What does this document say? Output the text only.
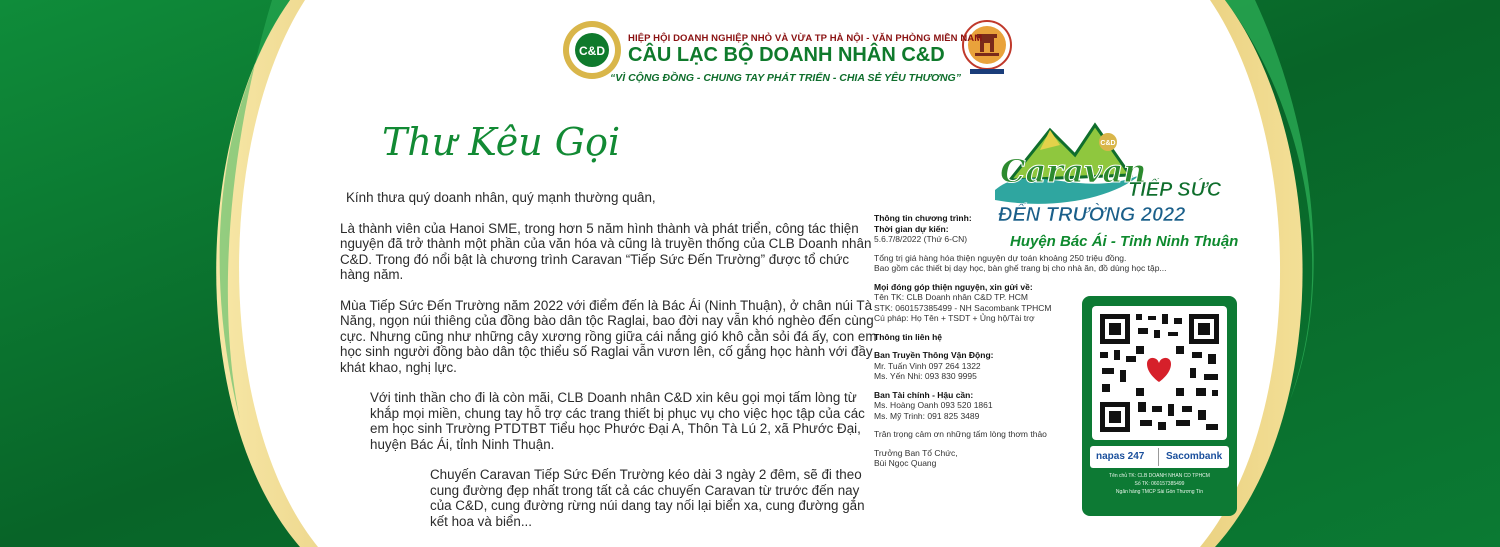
C&D
HIỆP HỘI DOANH NGHIỆP NHỎ VÀ VỪA TP HÀ NỘI - VĂN PHÒNG MIỀN NAM
CÂU LẠC BỘ DOANH NHÂN C&D
“VÌ CỘNG ĐỒNG - CHUNG TAY PHÁT TRIỂN - CHIA SẺ YÊU THƯƠNG”
Thư Kêu Gọi

Kính thưa quý doanh nhân, quý mạnh thường quân,

Là thành viên của Hanoi SME, trong hơn 5 năm hình thành và phát triển, công tác thiện nguyện đã trở thành một phần của văn hóa và cũng là truyền thống của CLB Doanh nhân C&D. Trong đó nổi bật là chương trình Caravan “Tiếp Sức Đến Trường” được tổ chức hàng năm.

Mùa Tiếp Sức Đến Trường năm 2022 với điểm đến là Bác Ái (Ninh Thuận), ở chân núi Tà Năng, ngọn núi thiêng của đồng bào dân tộc Raglai, bao đời nay vẫn khó nghèo đến cùng cực. Nhưng cũng như những cây xương rồng giữa cái nắng gió khô cằn sỏi đá ấy, con em học sinh người đồng bào dân tộc thiểu số Raglai vẫn vươn lên, cố gắng học hành với đầy khát khao, nghị lực.

Với tinh thần cho đi là còn mãi, CLB Doanh nhân C&D xin kêu gọi mọi tấm lòng từ khắp mọi miền, chung tay hỗ trợ các trang thiết bị phục vụ cho việc học tập của các em học sinh Trường PTDTBT Tiểu học Phước Đại A, Thôn Tà Lú 2, xã Phước Đại, huyện Bác Ái, tỉnh Ninh Thuận.

Chuyến Caravan Tiếp Sức Đến Trường kéo dài 3 ngày 2 đêm, sẽ đi theo cung đường đẹp nhất trong tất cả các chuyến Caravan từ trước đến nay của C&D, cung đường rừng núi dang tay nối lại biển xa, cung đường gắn kết hoa và biển...

C&D
Caravan
TIẾP SỨC
ĐẾN TRƯỜNG 2022
Huyện Bác Ái - Tỉnh Ninh Thuận
Thông tin chương trình:
Thời gian dự kiến:
5.6.7/8/2022 (Thứ 6-CN)
Tổng trị giá hàng hóa thiện nguyện dự toán khoảng 250 triệu đồng.
Bao gồm các thiết bị dạy học, bàn ghế trang bị cho nhà ăn, đồ dùng học tập...
Mọi đóng góp thiện nguyện, xin gửi về:
Tên TK: CLB Doanh nhân C&D TP. HCM
STK: 060157385499 - NH Sacombank TPHCM
Cú pháp: Họ Tên + TSDT + Ủng hộ/Tài trợ
Thông tin liên hệ
Ban Truyền Thông Vận Động:
Mr. Tuấn Vinh 097 264 1322
Ms. Yến Nhi: 093 830 9995
Ban Tài chính - Hậu cần:
Ms. Hoàng Oanh 093 520 1861
Ms. Mỹ Trinh: 091 825 3489
Trân trọng cảm ơn những tấm lòng thơm thảo
Trưởng Ban Tổ Chức,
Bùi Ngọc Quang
napas 247 Sacombank
Tên chủ TK: CLB DOANH NHAN CD TPHCM
Số TK: 060157385499
Ngân hàng TMCP Sài Gòn Thương Tín
